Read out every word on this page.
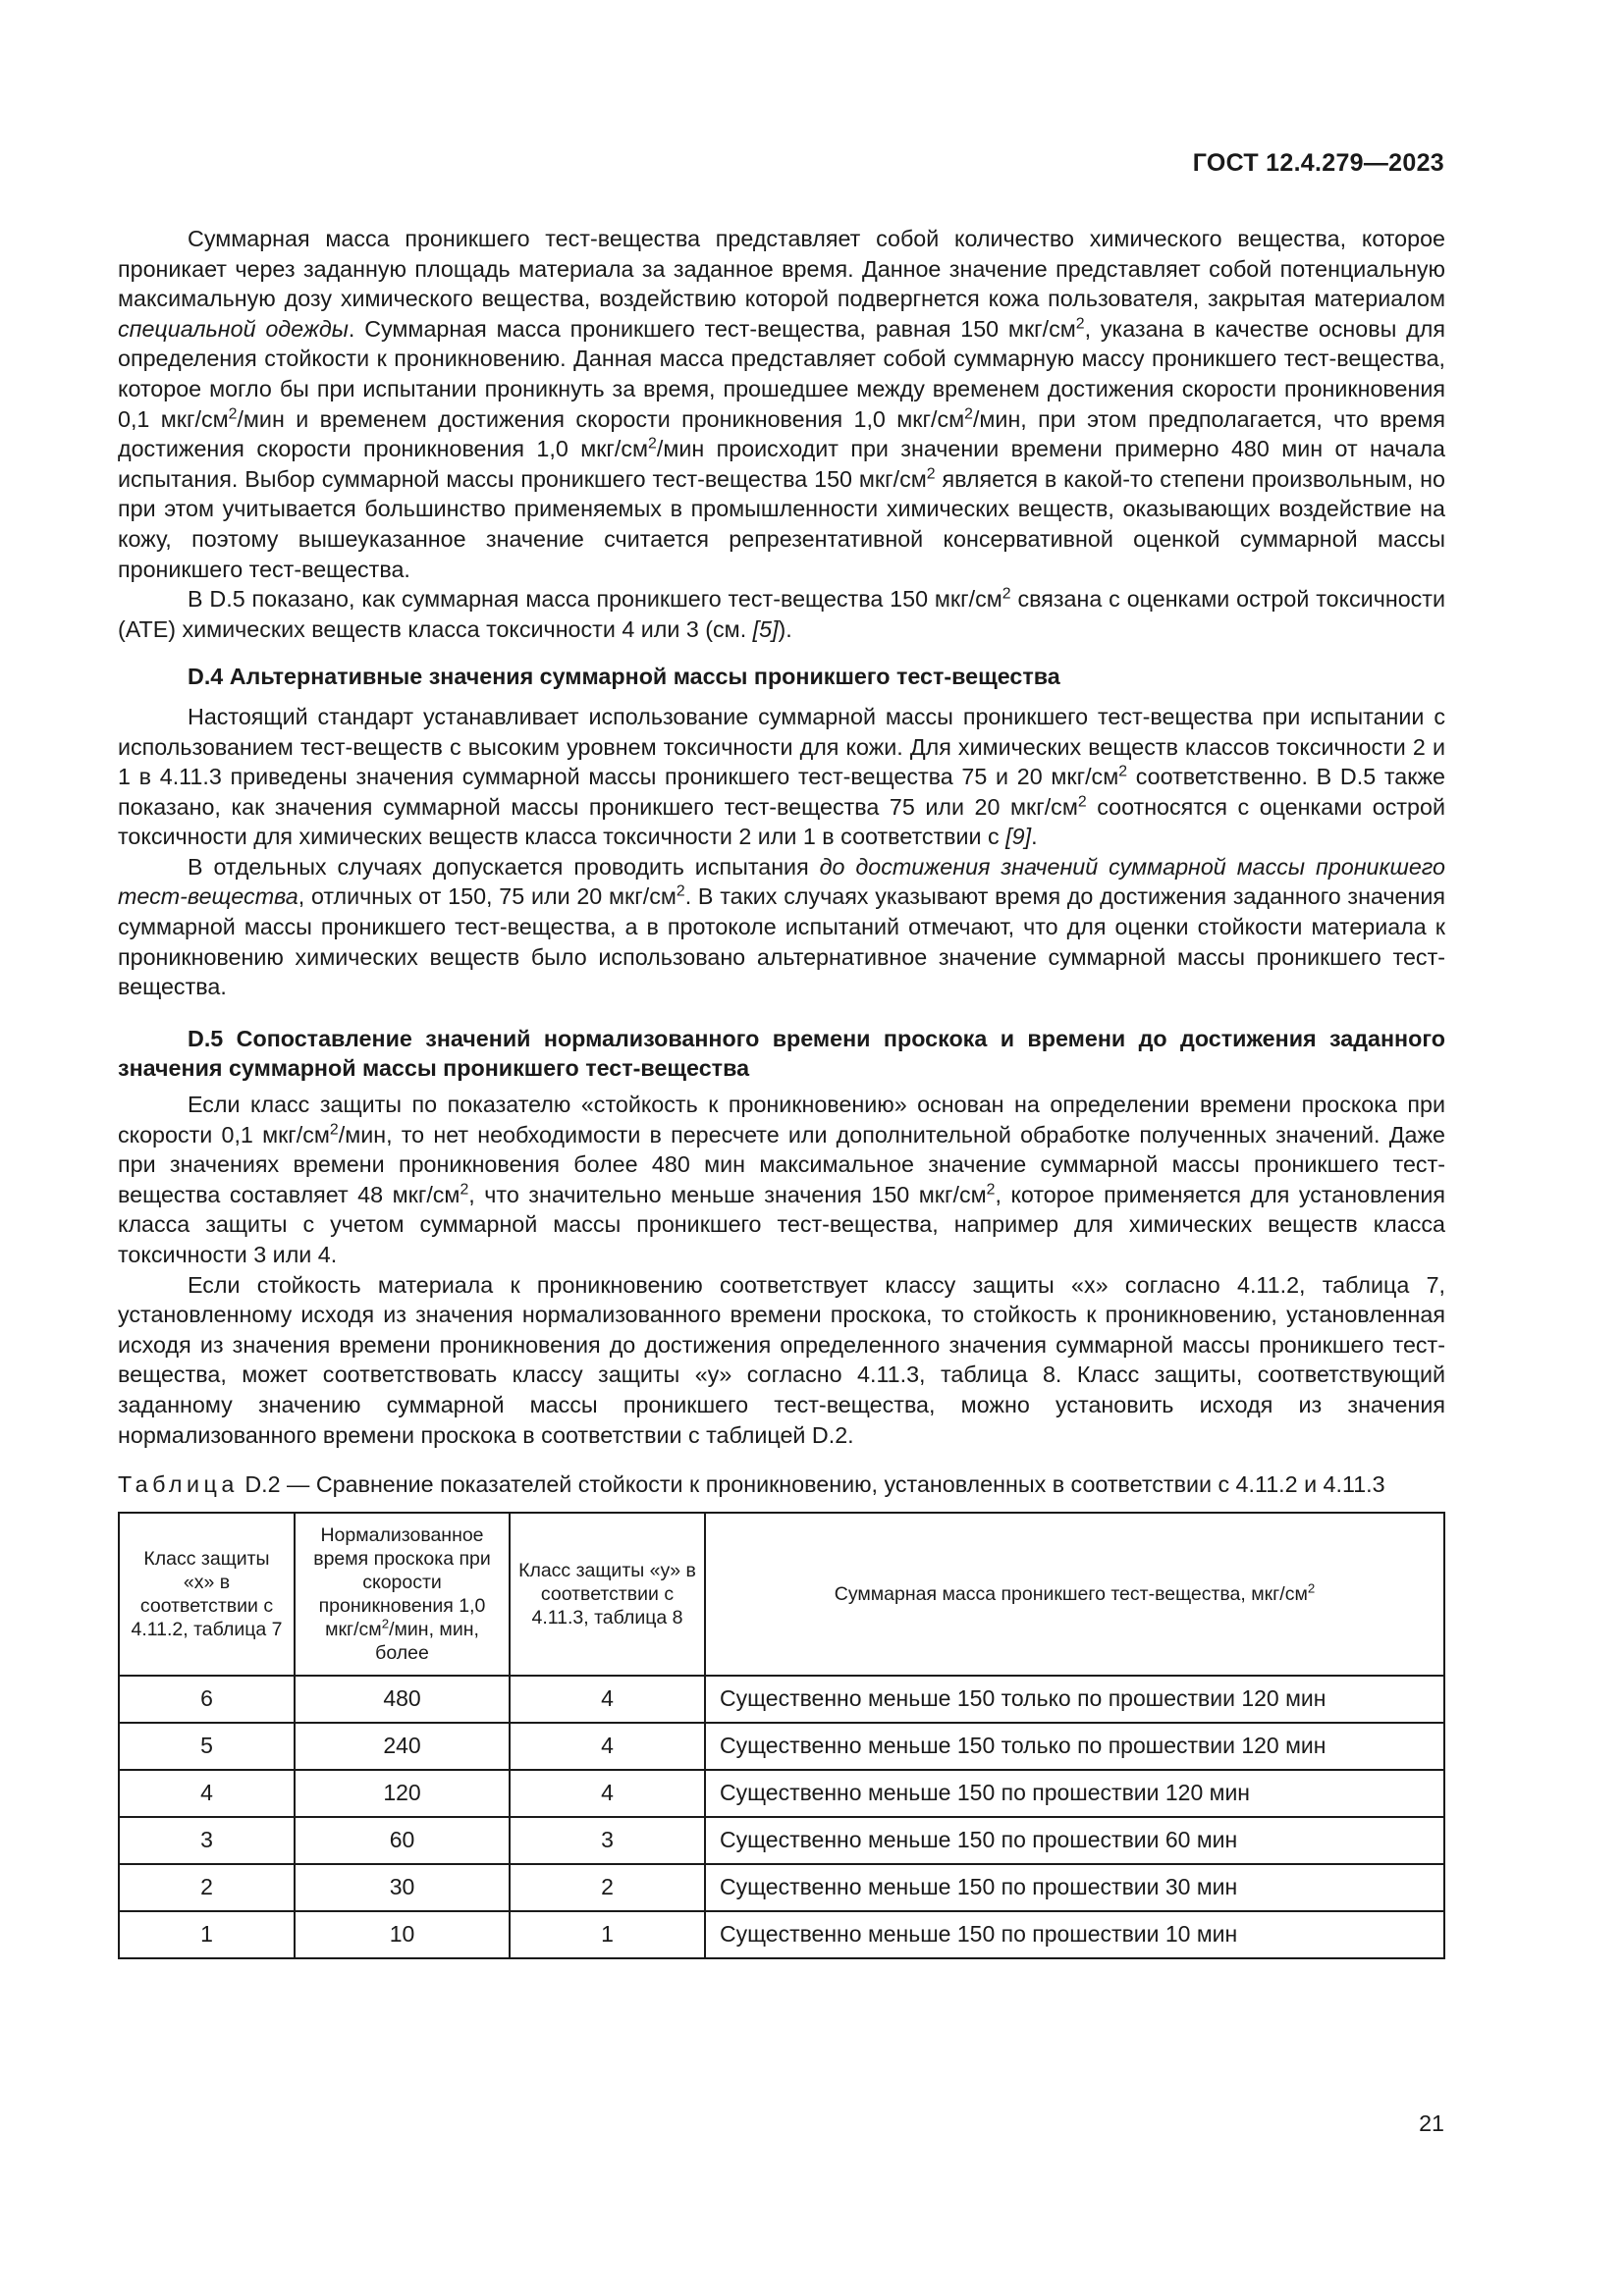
ГОСТ 12.4.279—2023

Суммарная масса проникшего тест-вещества представляет собой количество химического вещества, которое проникает через заданную площадь материала за заданное время. Данное значение представляет собой потенциальную максимальную дозу химического вещества, воздействию которой подвергнется кожа пользователя, закрытая материалом специальной одежды. Суммарная масса проникшего тест-вещества, равная 150 мкг/$см^2$, указана в качестве основы для определения стойкости к проникновению. Данная масса представляет собой суммарную массу проникшего тест-вещества, которое могло бы при испытании проникнуть за время, прошедшее между временем достижения скорости проникновения 0,1 мкг/$см^2$/мин и временем достижения скорости проникновения 1,0 мкг/$см^2$/мин, при этом предполагается, что время достижения скорости проникновения 1,0 мкг/$см^2$/мин происходит при значении времени примерно 480 мин от начала испытания. Выбор суммарной массы проникшего тест-вещества 150 мкг/$см^2$ является в какой-то степени произвольным, но при этом учитывается большинство применяемых в промышленности химических веществ, оказывающих воздействие на кожу, поэтому вышеуказанное значение считается репрезентативной консервативной оценкой суммарной массы проникшего тест-вещества.

В D.5 показано, как суммарная масса проникшего тест-вещества 150 мкг/$см^2$ связана с оценками острой токсичности (АТЕ) химических веществ класса токсичности 4 или 3 (см. [5]).

D.4 Альтернативные значения суммарной массы проникшего тест-вещества

Настоящий стандарт устанавливает использование суммарной массы проникшего тест-вещества при испытании с использованием тест-веществ с высоким уровнем токсичности для кожи. Для химических веществ классов токсичности 2 и 1 в 4.11.3 приведены значения суммарной массы проникшего тест-вещества 75 и 20 мкг/$см^2$ соответственно. В D.5 также показано, как значения суммарной массы проникшего тест-вещества 75 или 20 мкг/$см^2$ соотносятся с оценками острой токсичности для химических веществ класса токсичности 2 или 1 в соответствии с [9].

В отдельных случаях допускается проводить испытания до достижения значений суммарной массы проникшего тест-вещества, отличных от 150, 75 или 20 мкг/$см^2$. В таких случаях указывают время до достижения заданного значения суммарной массы проникшего тест-вещества, а в протоколе испытаний отмечают, что для оценки стойкости материала к проникновению химических веществ было использовано альтернативное значение суммарной массы проникшего тест-вещества.

D.5 Сопоставление значений нормализованного времени проскока и времени до достижения заданного значения суммарной массы проникшего тест-вещества

Если класс защиты по показателю «стойкость к проникновению» основан на определении времени проскока при скорости 0,1 мкг/$см^2$/мин, то нет необходимости в пересчете или дополнительной обработке полученных значений. Даже при значениях времени проникновения более 480 мин максимальное значение суммарной массы проникшего тест-вещества составляет 48 мкг/$см^2$, что значительно меньше значения 150 мкг/$см^2$, которое применяется для установления класса защиты с учетом суммарной массы проникшего тест-вещества, например для химических веществ класса токсичности 3 или 4.

Если стойкость материала к проникновению соответствует классу защиты «x» согласно 4.11.2, таблица 7, установленному исходя из значения нормализованного времени проскока, то стойкость к проникновению, установленная исходя из значения времени проникновения до достижения определенного значения суммарной массы проникшего тест-вещества, может соответствовать классу защиты «y» согласно 4.11.3, таблица 8. Класс защиты, соответствующий заданному значению суммарной массы проникшего тест-вещества, можно установить исходя из значения нормализованного времени проскока в соответствии с таблицей D.2.

Таблица D.2 — Сравнение показателей стойкости к проникновению, установленных в соответствии с 4.11.2 и 4.11.3

Класс защиты «x» в соответствии с 4.11.2, таблица 7	Нормализованное время проскока при скорости проникновения 1,0 мкг/$см^2$/мин, мин, более	Класс защиты «y» в соответствии с 4.11.3, таблица 8	Суммарная масса проникшего тест-вещества, мкг/$см^2$
6	480	4	Существенно меньше 150 только по прошествии 120 мин
5	240	4	Существенно меньше 150 только по прошествии 120 мин
4	120	4	Существенно меньше 150 по прошествии 120 мин
3	60	3	Существенно меньше 150 по прошествии 60 мин
2	30	2	Существенно меньше 150 по прошествии 30 мин
1	10	1	Существенно меньше 150 по прошествии 10 мин
21
